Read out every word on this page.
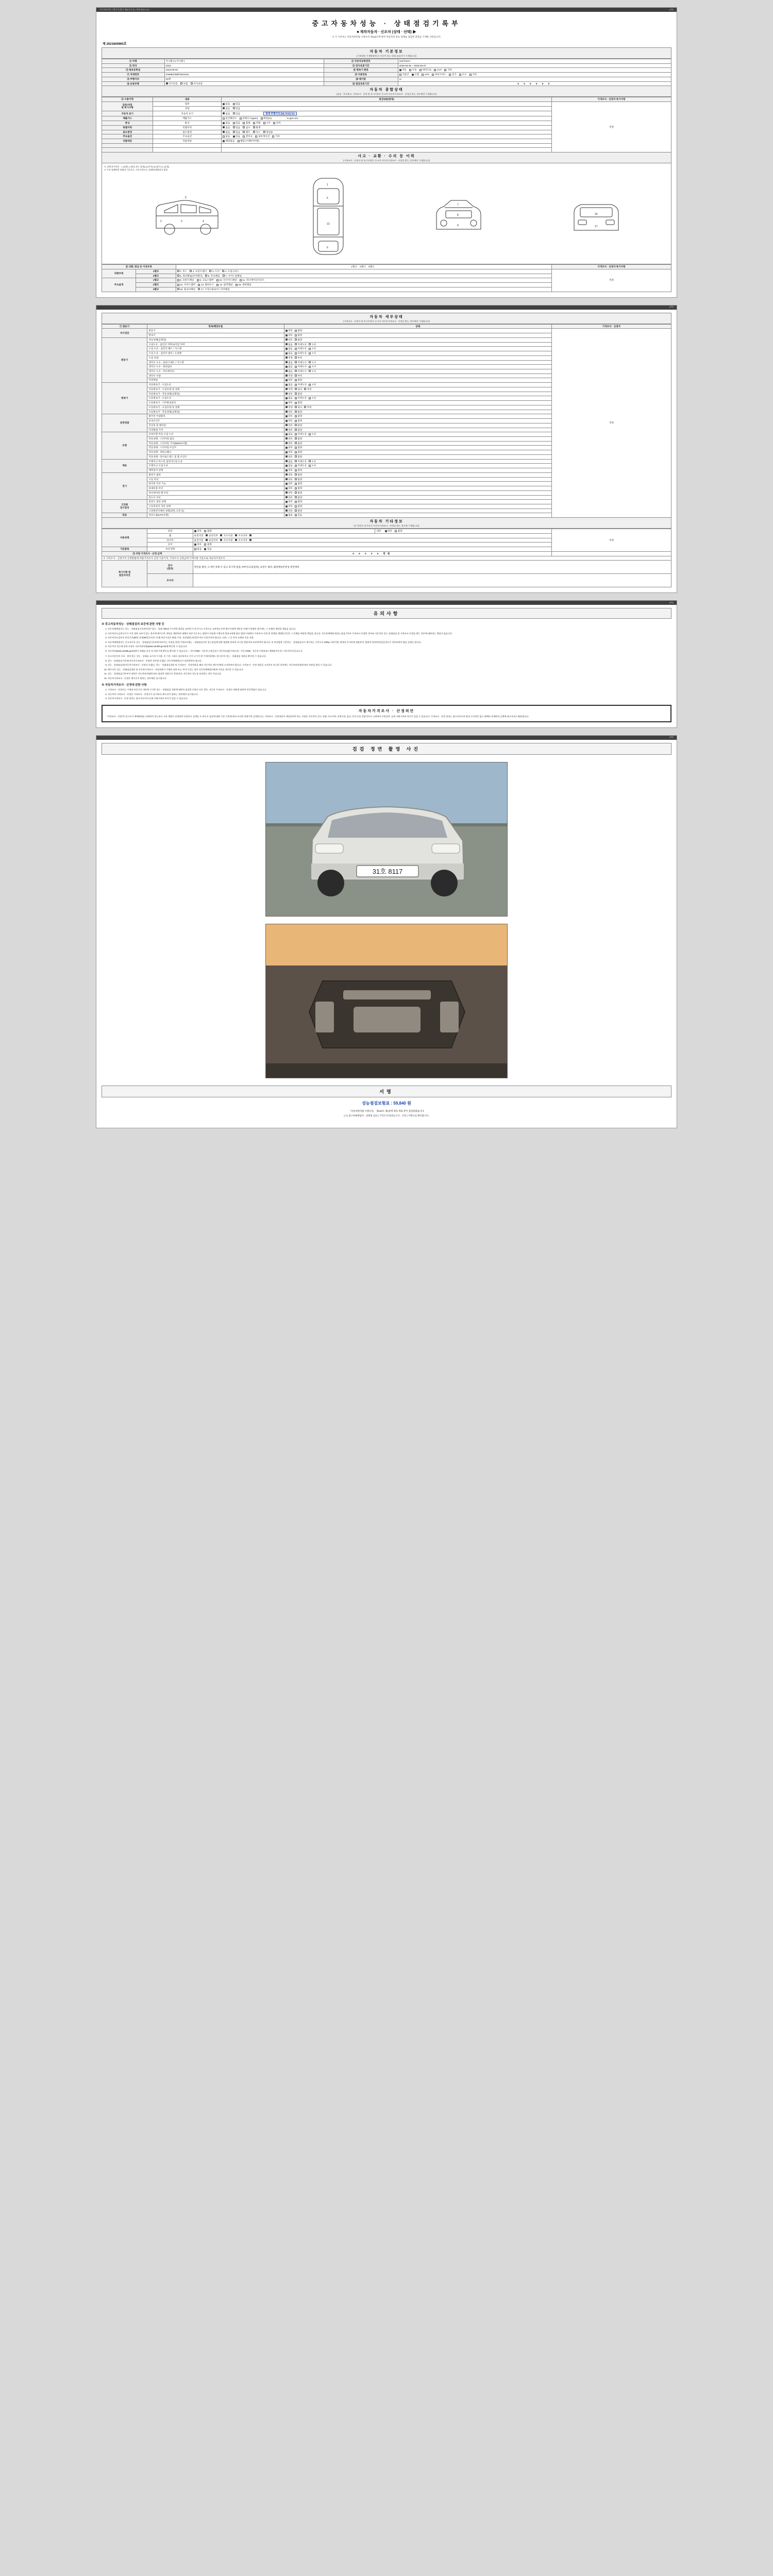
자동차관리법 시행규칙 [별지 제82호서식] <개정 2021.1.5.>	(1쪽)
중고자동차성능 · 상태점검기록부
■ 제작자동차 · 신조차 (상태 · 선택) ▶
※ 이 기록부는 자동차관리법 시행규칙 제120조에 따라 자동차의 성능·상태를 점검한 결과를 기재한 서류입니다.
제 2021600965호
자동차 기본정보
(기재내용 기재방법에 등 자동차 성능·상태 점검자가 기재합니다)
① 차명	카니발 (뉴카니발 )	② 자동차등록번호	315호8117
③ 연식	2023	④ 검사유효기간	2025-05-00 ~ 2026-05-07
⑤ 최초등록일	2023-05-00	⑥ 변속기 종류	자동 수동 세미오토 CVT 기타
⑦ 차대번호	KNMB378BPS021511	⑧ 사용연료	가솔린 디젤 LPG 하이브리드 전기 수소 기타
⑨ 주행거리	04베	⑩ 배기량	cc
⑪ 보증유형	자기인증 보험 자가보증	⑫ 점검유효기간	0 0 0 0 0 0
자동차 종합상태
(점검 · 무료출고, 가격조사 · 산정 불 특기사항은 중고차 자동차가격조사 · 산정을 받는 경우에만 기재합니다)
④ 사용이력	내용	점검내용(항목)	가격조사 · 산정자 특기사항
압류/저당
및 특기사항	압류	없음 있음	적정
	저당	없음 있음	
자동차 표기	자동차 표기	없음 있음 현재 주행거리 (58,7010) km	
배출가스	배출가스	일산화탄소 탄화수소(ppm) 매연(%) % ppm 2%	
튜닝	튜닝	없음 있음 불법 적법 구조 장치	
특별이력	특별이력	없음 있음 침수 화재	
용도변경	용도변경	없음 있음 렌트 리스 영업용	
주요옵션	주요옵션	없음 있음 썬루프 내비게이션 기타	
리콜대상	리콜대상	해당없음 해당 (이행/미이행)	

사고 · 교환 · 수리 등 이력
(가격조사 · 산정자 및 특기사항은 중고차 자동차가격조사 · 산정을 받는 경우에만 기재합니다)
※ 교체 표시부분 : ○ (교환) × (판금 또는 용접) A (부식) W (침수) C (균열)
※ 주요 당해부위 상태적 기준으로, 기타 부분도는 상태에 해당되지 않음
2	3	4
5
1
5
13
6
7
8
9
16
17
⑥ 교환, 판금 등 이상부위		1랭크 2랭크 3랭크	가격조사 · 산정자 특기사항
외판부위	1랭크	1. 후드 2. 프론트펜더 3. 도어 4. 트렁크리드	적정
	2랭크	5. 쿼터패널(리어펜더) 6. 루프패널 7. 사이드실패널	
주요골격	1랭크	8. 프론트패널 9. 크로스멤버 10. 인사이드패널 11. 라디에이터서포트	
	2랭크	12. 사이드멤버 13. 휠하우스 14. 필러패널 15. 대쉬패널	
	3랭크	16. 플로어패널 17. 트렁크플로어 / 리어패널	

(2쪽)
자동차 세부상태
(가격조사 · 산정자 및 특기사항은 중고차 자동차가격조사 · 산정을 받는 경우에만 기재합니다)
⑦ 원동기	항목/해당부품	상태	가격조사 · 산정자
자가진단	원동기	양호 불량	적정
	변속기	양호 불량	
원동기	작동상태(공회전)	양호 불량	
	오일누유 - 실린더 커버/로커암 커버	없음 미세누유 누유	
	오일 누유 - 실린더 헤드 / 가스켓	없음 미세누유 누유	
	오일 누유 - 실린더 블록 / 오일팬	없음 미세누유 누유	
	오일 유량	적정 부족	
	냉각수 누수 - 실린더 헤드 / 가스켓	없음 미세누수 누수	
	냉각수 누수 - 워터펌프	없음 미세누수 누수	
	냉각수 누수 - 라디에이터	없음 미세누수 누수	
	냉각수 수량	적정 부족	
	커먼레일	양호 불량	
변속기	자동변속기 - 오일누유	없음 미세누유 누유	
	자동변속기 - 오일유량 및 상태	적정 과다 부족	
	자동변속기 - 작동상태(공회전)	양호 불량	
	수동변속기 - 오일누유	없음 미세누유 누유	
	수동변속기 - 기어변속장치	양호 불량	
	수동변속기 - 오일유량 및 상태	적정 과다 부족	
	수동변속기 - 작동상태(공회전)	양호 불량	
동력전달	클러치 어셈블리	양호 불량	
	등속조인트	양호 불량	
	추진축 및 베어링	양호 불량	
	디퍼렌셜 기어	양호 불량	
조향	동력조향 작동 오일 누유	없음 미세누유 누유	
	작동상태 - 스티어링 펌프	양호 불량	
	작동상태 - 스티어링 기어(MDPS포함)	양호 불량	
	작동상태 - 스티어링 조인트	양호 불량	
	작동상태 - 파워크랭크	양호 불량	
	작동상태 - 타이로드엔드 및 볼 조인트	양호 불량	
제동	브레이크 마스터 실린더오일 누유	없음 미세누유 누유	
	브레이크 오일 누유	없음 미세누유 누유	
	배력장치 상태	양호 불량	
전기	발전기 출력	양호 불량	
	시동 모터	양호 불량	
	와이퍼 모터 기능	양호 불량	
	실내송풍 모터	양호 불량	
	라디에이터 팬 모터	양호 불량	
	윈도우 모터	양호 불량	
고전원
전기장치	충전구 절연 상태	양호 불량	
	구동축전지 격리 상태	양호 불량	
	고전원전기배선 상태(피복,고정 등)	양호 불량	
연료	연료누출(LPG포함)	없음 있음	
자동차 기타정보
(⑧ 항목은 표시되지 자동차가격조사 · 산정을 받는 경우에 기재합니다)
사용상태	외장	양호 불량	내장 양호 불량	적정
	휠	운전석전 운전석후 조수석전 조수석후		
	타이어	운전석전 운전석후 조수석전 조수석후		
	유리	양호 불량		
기본품목	보유상태	없음 있음		
⑨ 차량 가격조사 · 산정 금액		0 0 0 0 0 만원		
※ 가격조사 · 산정가격 산정방법에 차량가격조사·산정 기준가격, 가격조사·산정금액 기재사항 기준으로 자동차가격조사				
특기사항 및
점검자의견	검사
(결과)	엔진룸 클린, 도색된 상태 수 있고 효기게 점검, PP/아크리(실퍼), 프론트 범퍼, 월장페널부분성 엔진에비.		
	조사자			

(3쪽)
유의사항
※ 중고자동차성능 · 상태점검의 보증에 관한 사항 등
1. 자동차매매업자는 성능 · 상태점검기록부(이하 "성능 · 상태 제20조 7가지에 내용을 교부하기 여,저가고 거짓으로 교부할드로써 매수인에게 재산상 손해가 발생한 경우에는 그 손해를 배상할 책임을 집니다.
2. 자동차인도금전으로기 거짓 정보 교부가 있는 경우에 매수인은 내용을 제한하여 대체의 보증기간 또는 범위가 마음에 시행규칙 별표 2장에 따른 범위 이내에서 가격조사·산정 및 정액을 매매알선인은 그 손해를 배상할 책임을 집니다. 자동차매매업자(성능점검기록부 가격조사·산정한 경우와 자동차의 성능·상태점검 및 가격조사·산정을 받는 경우에 대하여는 책임이 없습니다.
3. 자동차인도일부터 보증기간(30일 및 2000킬로미터 이내) 보증기간은 30일 이상, 보증범위 2천킬로미터 이상이어야 합니다. 다만, 그 중 먼저 도래한 것을 적용.
4. 자동차매매업자는 중고자동차 성능 · 상태점검기록부에 따라서는 산정을 하면 가격조사법는 · 상태점검자의 성능점검에 대한 범위에 관하여 교시를 받았어야 교부하여야 합니다. 또 보증범위 기준하는 · 상태점검자가 제시하는 기준으로 200㎞ 미만이면, 판매자 후 2년에 제휴하여, 범위의 과/정정정정금전으로 적용하여야 함을 전제로 합니다.
5. 자동차의 성능에 관한 사항은 자동차관리법(www.car365.go.kr)에 확인할 수 있습니다.
6. 자동차의(www.car365.go.kr)에서 상태를 조사 및 정보기재 확인를 확인할 수 있습니다. - 자동차356 : 자동차 규정공장 / 자동차조회(가격조사) - 자동차356 : 자동차 이력조회 / 매매용자동차 / 자동차등록증료드료
7. 중고자동차의 구조 · 장치 뜯는 성능 · 상태를 교시자기 사용, 이 기사 그대로 검증하지나 거긴 고가가 판 기재사항에도 제 자동차 성능 · 상태점검 내용을 확인할 수 있습니다.
8. 성능 · 상태점검기록부(자동차가격조사 · 산정한 경우에 포함)는 자동차매매업자가 보관하여야 합니다.
9. 성능 · 상태점검자(자동차가격조사 · 산정자 포함)는 성능 · 상태점검내용 및 가격조사 · 산정내용을 해당 자동차의 매수인에게 고지하여야 합니다. 가격조사 · 산정 내용을 고지하지 아니한 경우에는 자동차관리법에 따라 처분을 받을 수 있습니다.
10. 매수인은 성능 · 상태점검내용 및 자동차가격조사 · 산정내용이 기재된 내용 또는 차이가 있는 경우 자동차매매업자에게 이의를 제기할 수 있습니다.
11. 성능 · 상태점검기록부의 내용은 자동차관리법에 따라 점검한 내용으로 한정되며, 자동차의 성능을 보장하는 것은 아닙니다.
12. 자동차가격조사 · 산정은 매수인이 원하는 경우에만 실시합니다.
※ 자동차가격조사 · 산정에 관한 사항
1. 가격조사 · 산정자는 시세와 보증기간 내용에 근거한 성능 · 상태점검 내용에 대하여 점검한 사항이 다른 경우, 자동차 가격조사 · 산정의 내용에 대하여 보증책임이 있습니다.
2. 자동차의 가격조사 · 산정은 가격조사 · 산정자가 실시하며, 매수인이 원하는 경우에만 실시합니다.
3. 자동차가격조사 · 산정 결과는 참고자료이며 실제 거래가격과 차이가 있을 수 있습니다.
자동차가격조사 · 산정의안
"가격조사 · 산정"란 실시자가 매매에게를 의뢰하여 성능조사 가격 개별로 산정하여 산정표시 금액을 ※ 민도록 검증에 대한 기준 기준에 따라 조사한 차량가격 금액입니다. 가격조사 · 산정내용이 제공하여야 하는 사항은 자동차의 성능·상태, 사고이력, 주행거리, 옵션, 연식 등을 종합적으로 고려하여 산정되며, 실제 거래가격과 차이가 있을 수 있습니다. 가격조사 · 산정 결과는 참고자료이며 법적 구속력은 없고 매매의 과세하여 금액에 참고자료로 활용됩니다.

(4쪽)
검검 정면 촬영 사진
31호 8117
서명
성능점검보험료 : 59,840 원
「자동차관리법 시행규칙」 제120조 제1항에 따라 위와 같이 점검하였습니다.
[ Y ] 중고차매매업자 · 상태점 검표 [ 가격조사자(성능조사 · 산정 ) 서명으로 확인합니다.
